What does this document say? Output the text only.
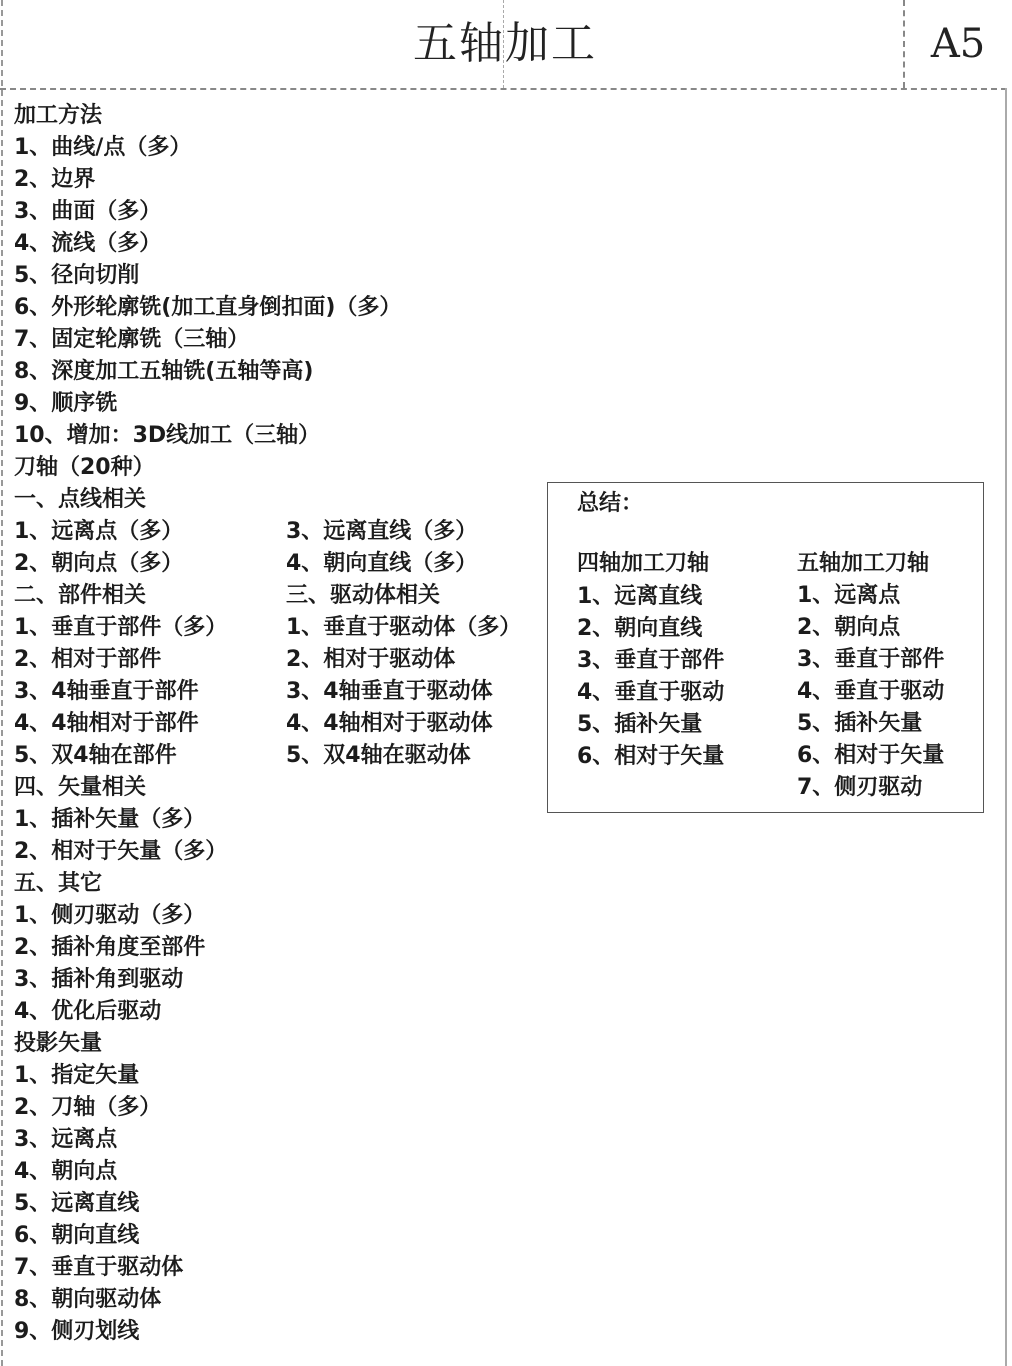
五轴加工	A5
加工方法
1、曲线/点（多）
2、边界
3、曲面（多）
4、流线（多）
5、径向切削
6、外形轮廓铣(加工直身倒扣面)（多）
7、固定轮廓铣（三轴）
8、深度加工五轴铣(五轴等高)
9、顺序铣
10、增加：3D线加工（三轴）
刀轴（20种）
一、点线相关
1、远离点（多）
2、朝向点（多）
3、远离直线（多）
4、朝向直线（多）
二、部件相关
1、垂直于部件（多）
2、相对于部件
3、4轴垂直于部件
4、4轴相对于部件
5、双4轴在部件
三、驱动体相关
1、垂直于驱动体（多）
2、相对于驱动体
3、4轴垂直于驱动体
4、4轴相对于驱动体
5、双4轴在驱动体
四、矢量相关
1、插补矢量（多）
2、相对于矢量（多）
五、其它
1、侧刃驱动（多）
2、插补角度至部件
3、插补角到驱动
4、优化后驱动
投影矢量
1、指定矢量
2、刀轴（多）
3、远离点
4、朝向点
5、远离直线
6、朝向直线
7、垂直于驱动体
8、朝向驱动体
9、侧刃划线
总结：
四轴加工刀轴
1、远离直线
2、朝向直线
3、垂直于部件
4、垂直于驱动
5、插补矢量
6、相对于矢量
五轴加工刀轴
1、远离点
2、朝向点
3、垂直于部件
4、垂直于驱动
5、插补矢量
6、相对于矢量
7、侧刃驱动
